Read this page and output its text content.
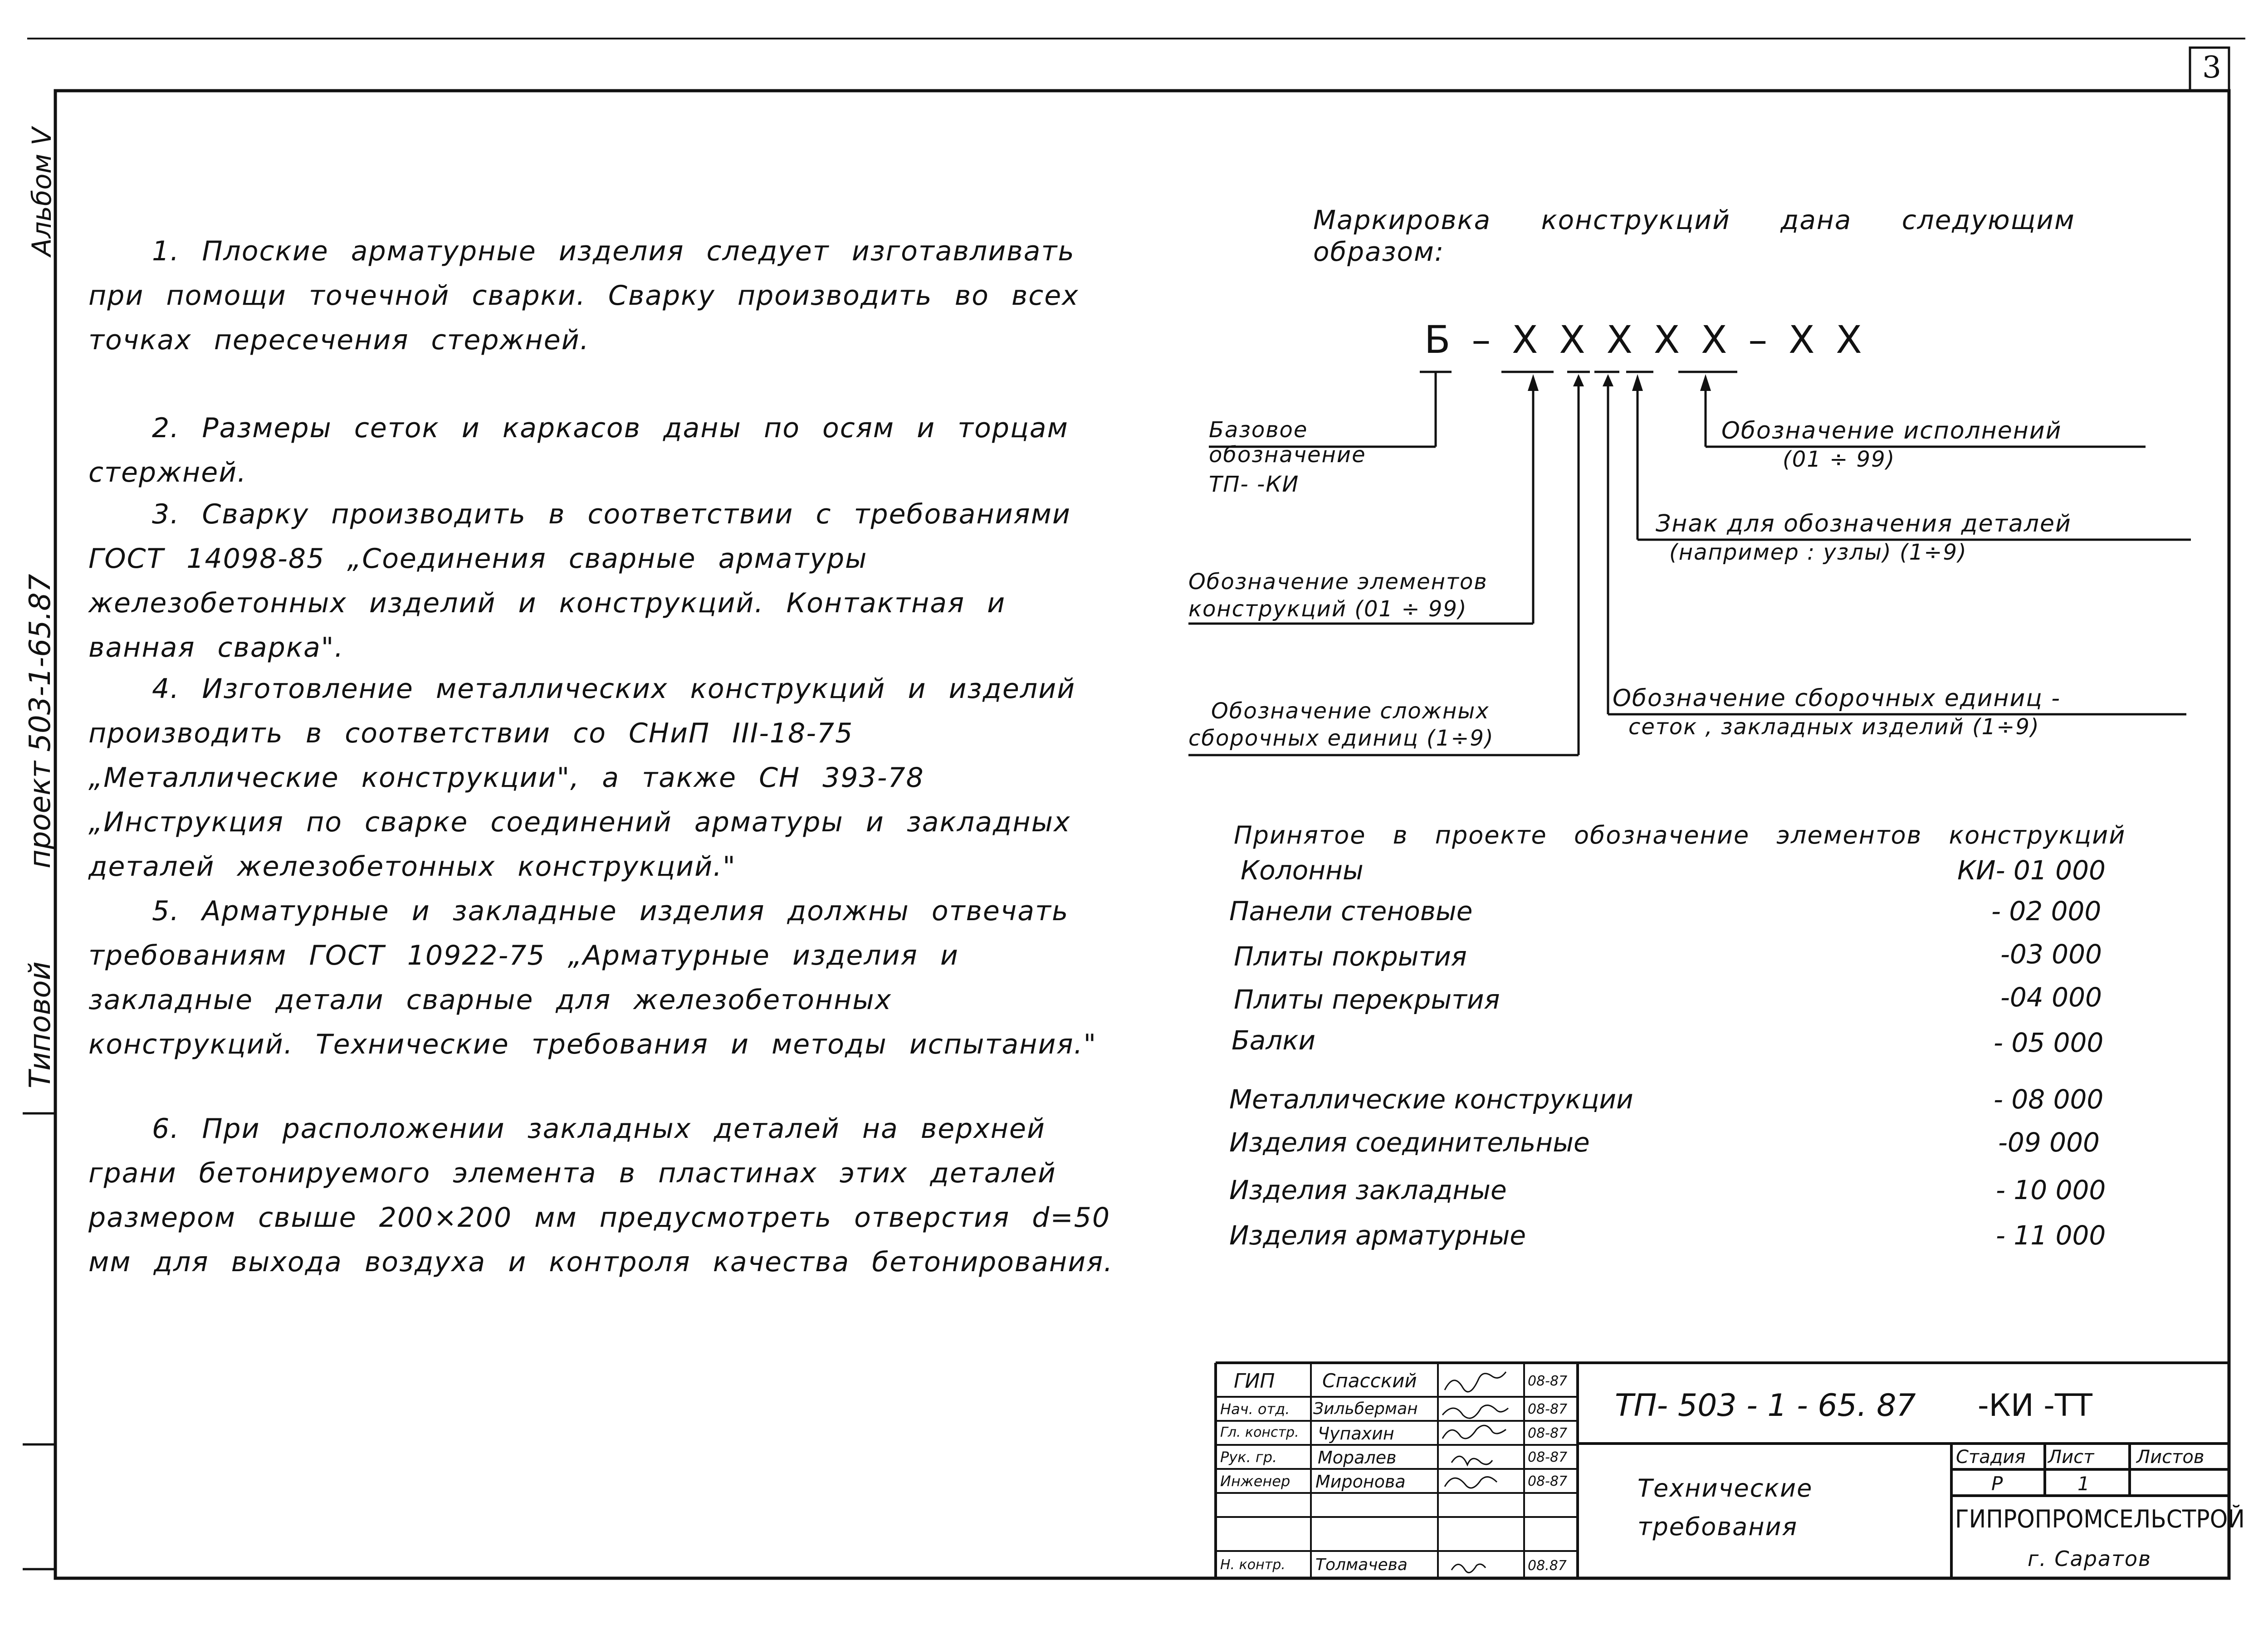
3
Альбом V
проект 503-1-65.87
Типовой
1. Плоские арматурные изделия следует изготавливать при помощи точечной сварки. Сварку производить во всех точках пересечения стержней.
2. Размеры сеток и каркасов даны по осям и торцам стержней.
3. Сварку производить в соответствии с требованиями ГОСТ 14098-85 „Соединения сварные арматуры железобетонных изделий и конструкций. Контактная и ванная сварка".
4. Изготовление металлических конструкций и изделий производить в соответствии со СНиП III-18-75 „Металлические конструкции", а также СН 393-78 „Инструкция по сварке соединений арматуры и закладных деталей железобетонных конструкций."
5. Арматурные и закладные изделия должны отвечать требованиям ГОСТ 10922-75 „Арматурные изделия и закладные детали сварные для железобетонных конструкций. Технические требования и методы испытания."
6. При расположении закладных деталей на верхней грани бетонируемого элемента в пластинах этих деталей размером свыше 200×200 мм предусмотреть отверстия d=50 мм для выхода воздуха и контроля качества бетонирования.
Маркировка конструкций дана следующим образом:
Б – Х Х Х Х Х – Х Х
Базовое
обозначение
ТП- -КИ
Обозначение элементов
конструкций (01 ÷ 99)
Обозначение сложных
сборочных единиц (1÷9)
Обозначение исполнений
(01 ÷ 99)
Знак для обозначения деталей
(например : узлы) (1÷9)
Обозначение сборочных единиц -
сеток , закладных изделий (1÷9)
Принятое в проекте обозначение элементов конструкций
Колонны	КИ- 01 000
Панели стеновые	- 02 000
Плиты покрытия	-03 000
Плиты перекрытия	-04 000
Балки	- 05 000
Металлические конструкции	- 08 000
Изделия соединительные	-09 000
Изделия закладные	- 10 000
Изделия арматурные	- 11 000
ГИП Спасский	08-87
Нач. отд. Зильберман	08-87
Гл. констр. Чупахин	08-87
Рук. гр. Моралев	08-87
Инженер Миронова	08-87
Н. контр. Толмачева	08.87
ТП- 503 - 1 - 65. 87 -КИ -ТТ
Технические
требования
Стадия Лист Листов
Р	1
ГИПРОПРОМСЕЛЬСТРОЙ
г. Саратов
